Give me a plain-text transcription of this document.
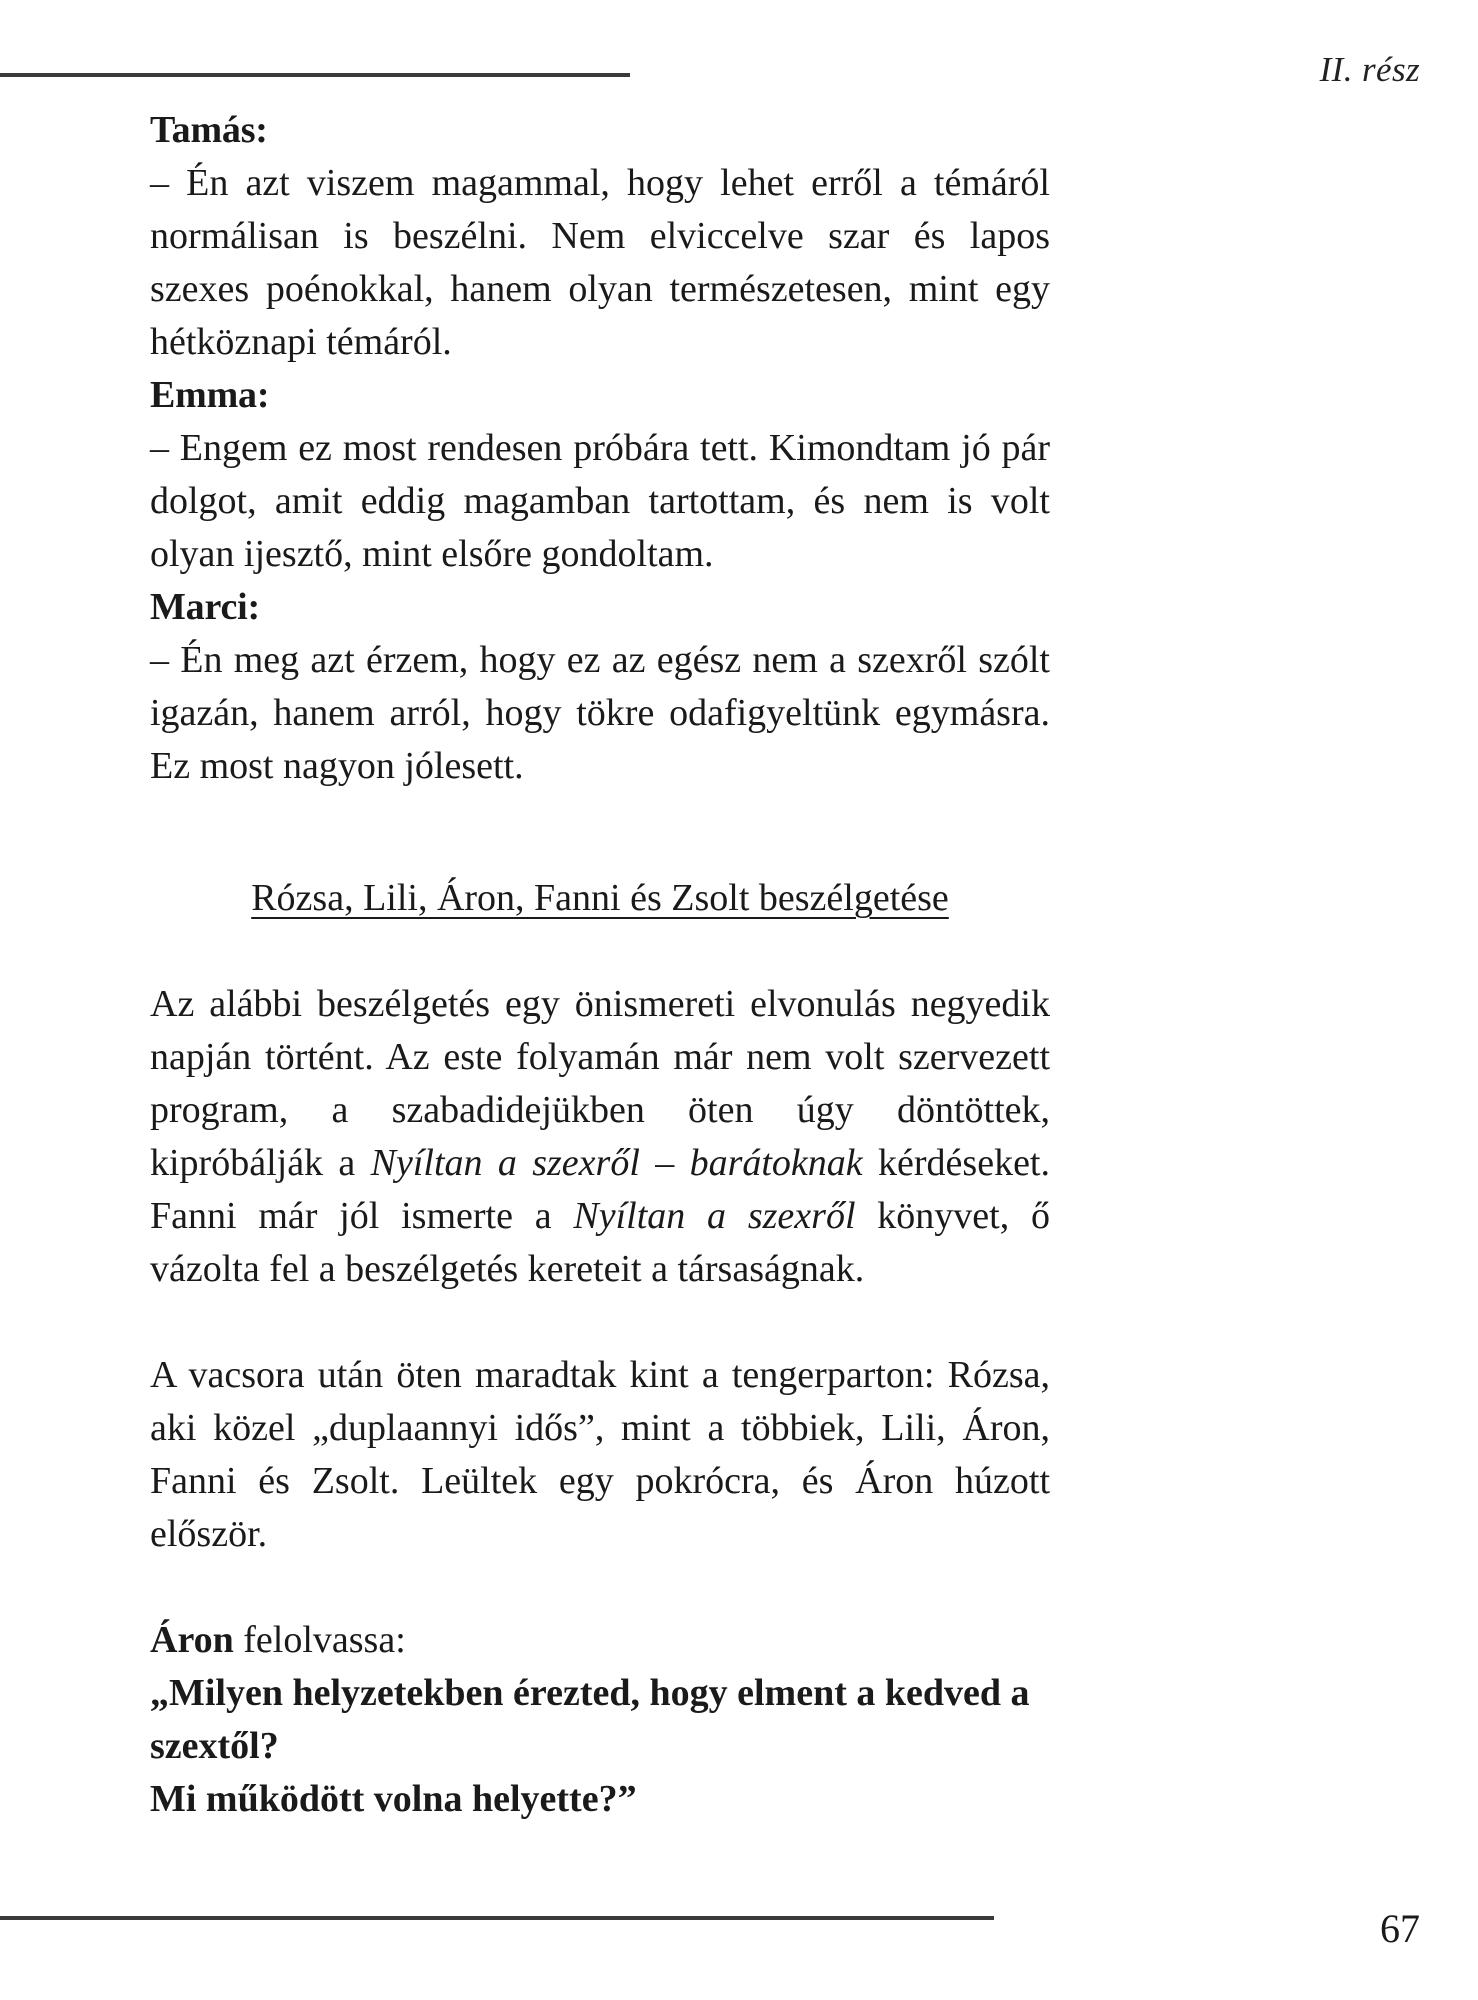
II. rész
Tamás:

– Én azt viszem magammal, hogy lehet erről a témáról normálisan is beszélni. Nem elviccelve szar és lapos szexes poénokkal, hanem olyan természetesen, mint egy hétköznapi témáról.

Emma:

– Engem ez most rendesen próbára tett. Kimondtam jó pár dolgot, amit eddig magamban tartottam, és nem is volt olyan ijesztő, mint elsőre gondoltam.

Marci:

– Én meg azt érzem, hogy ez az egész nem a szexről szólt igazán, hanem arról, hogy tökre odafigyeltünk egymásra. Ez most nagyon jólesett.

Rózsa, Lili, Áron, Fanni és Zsolt beszélgetése

Az alábbi beszélgetés egy önismereti elvonulás negyedik napján történt. Az este folyamán már nem volt szervezett program, a szabadidejükben öten úgy döntöttek, kipróbálják a Nyíltan a szexről – barátoknak kérdéseket. Fanni már jól ismerte a Nyíltan a szexről könyvet, ő vázolta fel a beszélgetés kereteit a társaságnak.

A vacsora után öten maradtak kint a tengerparton: Rózsa, aki közel „duplaannyi idős”, mint a többiek, Lili, Áron, Fanni és Zsolt. Leültek egy pokrócra, és Áron húzott először.

Áron felolvassa:

„Milyen helyzetekben érezted, hogy elment a kedved a szextől?

Mi működött volna helyette?”

67
